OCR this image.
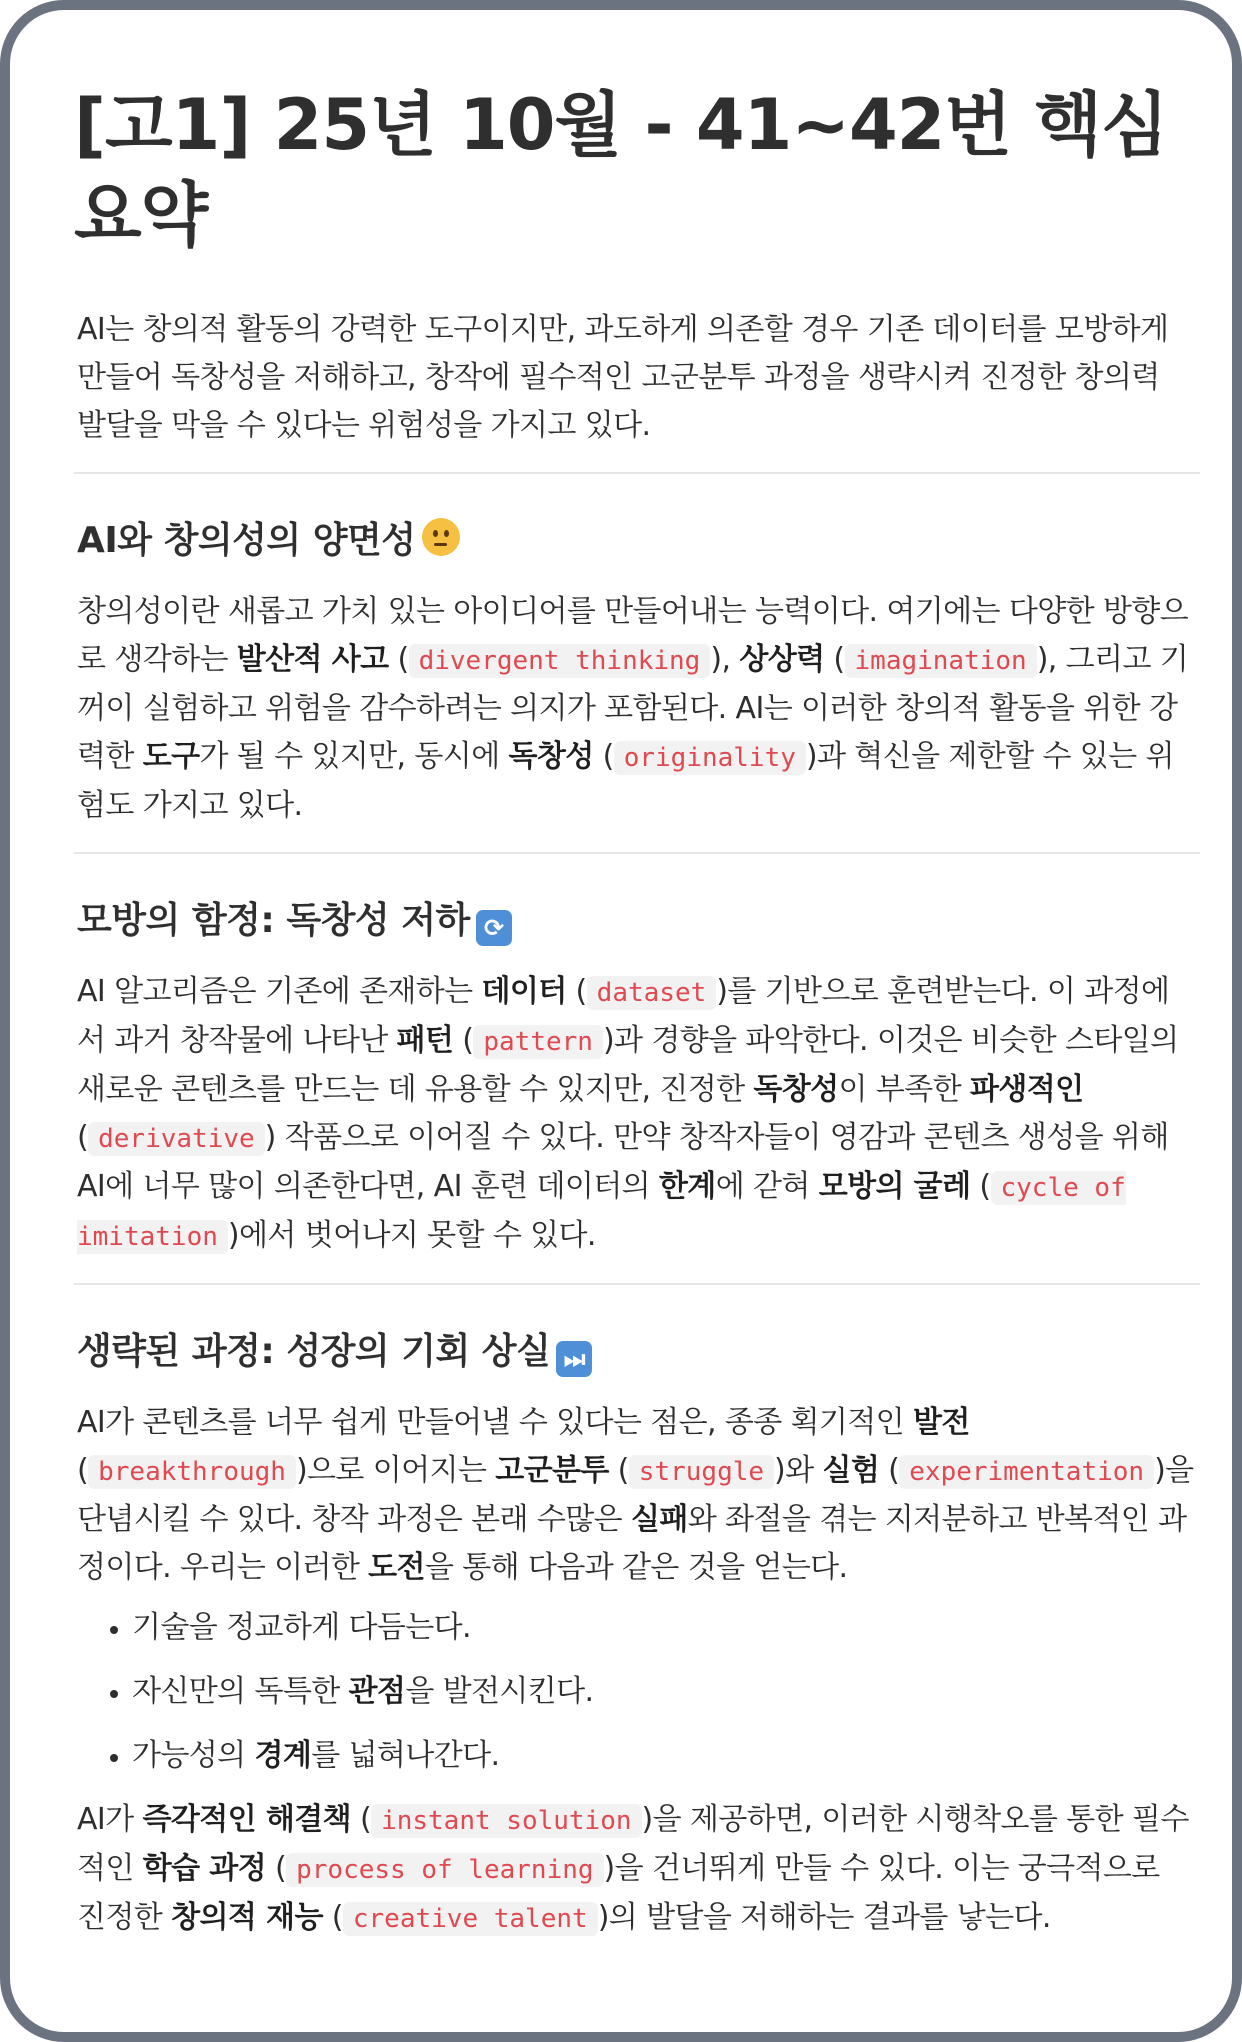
[고1] 25년 10월 - 41~42번 핵심 요약

AI는 창의적 활동의 강력한 도구이지만, 과도하게 의존할 경우 기존 데이터를 모방하게 만들어 독창성을 저해하고, 창작에 필수적인 고군분투 과정을 생략시켜 진정한 창의력 발달을 막을 수 있다는 위험성을 가지고 있다.

AI와 창의성의 양면성

창의성이란 새롭고 가치 있는 아이디어를 만들어내는 능력이다. 여기에는 다양한 방향으로 생각하는 발산적 사고 ( divergent thinking ), 상상력 ( imagination ), 그리고 기꺼이 실험하고 위험을 감수하려는 의지가 포함된다. AI는 이러한 창의적 활동을 위한 강력한 도구가 될 수 있지만, 동시에 독창성 ( originality )과 혁신을 제한할 수 있는 위험도 가지고 있다.

모방의 함정: 독창성 저하 ⟳

AI 알고리즘은 기존에 존재하는 데이터 ( dataset )를 기반으로 훈련받는다. 이 과정에서 과거 창작물에 나타난 패턴 ( pattern )과 경향을 파악한다. 이것은 비슷한 스타일의 새로운 콘텐츠를 만드는 데 유용할 수 있지만, 진정한 독창성이 부족한 파생적인 ( derivative ) 작품으로 이어질 수 있다. 만약 창작자들이 영감과 콘텐츠 생성을 위해 AI에 너무 많이 의존한다면, AI 훈련 데이터의 한계에 갇혀 모방의 굴레 ( cycle of imitation )에서 벗어나지 못할 수 있다.

생략된 과정: 성장의 기회 상실 ⏭

AI가 콘텐츠를 너무 쉽게 만들어낼 수 있다는 점은, 종종 획기적인 발전 ( breakthrough )으로 이어지는 고군분투 ( struggle )와 실험 ( experimentation )을 단념시킬 수 있다. 창작 과정은 본래 수많은 실패와 좌절을 겪는 지저분하고 반복적인 과정이다. 우리는 이러한 도전을 통해 다음과 같은 것을 얻는다.

• 기술을 정교하게 다듬는다.
• 자신만의 독특한 관점을 발전시킨다.
• 가능성의 경계를 넓혀나간다.

AI가 즉각적인 해결책 ( instant solution )을 제공하면, 이러한 시행착오를 통한 필수적인 학습 과정 ( process of learning )을 건너뛰게 만들 수 있다. 이는 궁극적으로 진정한 창의적 재능 ( creative talent )의 발달을 저해하는 결과를 낳는다.
